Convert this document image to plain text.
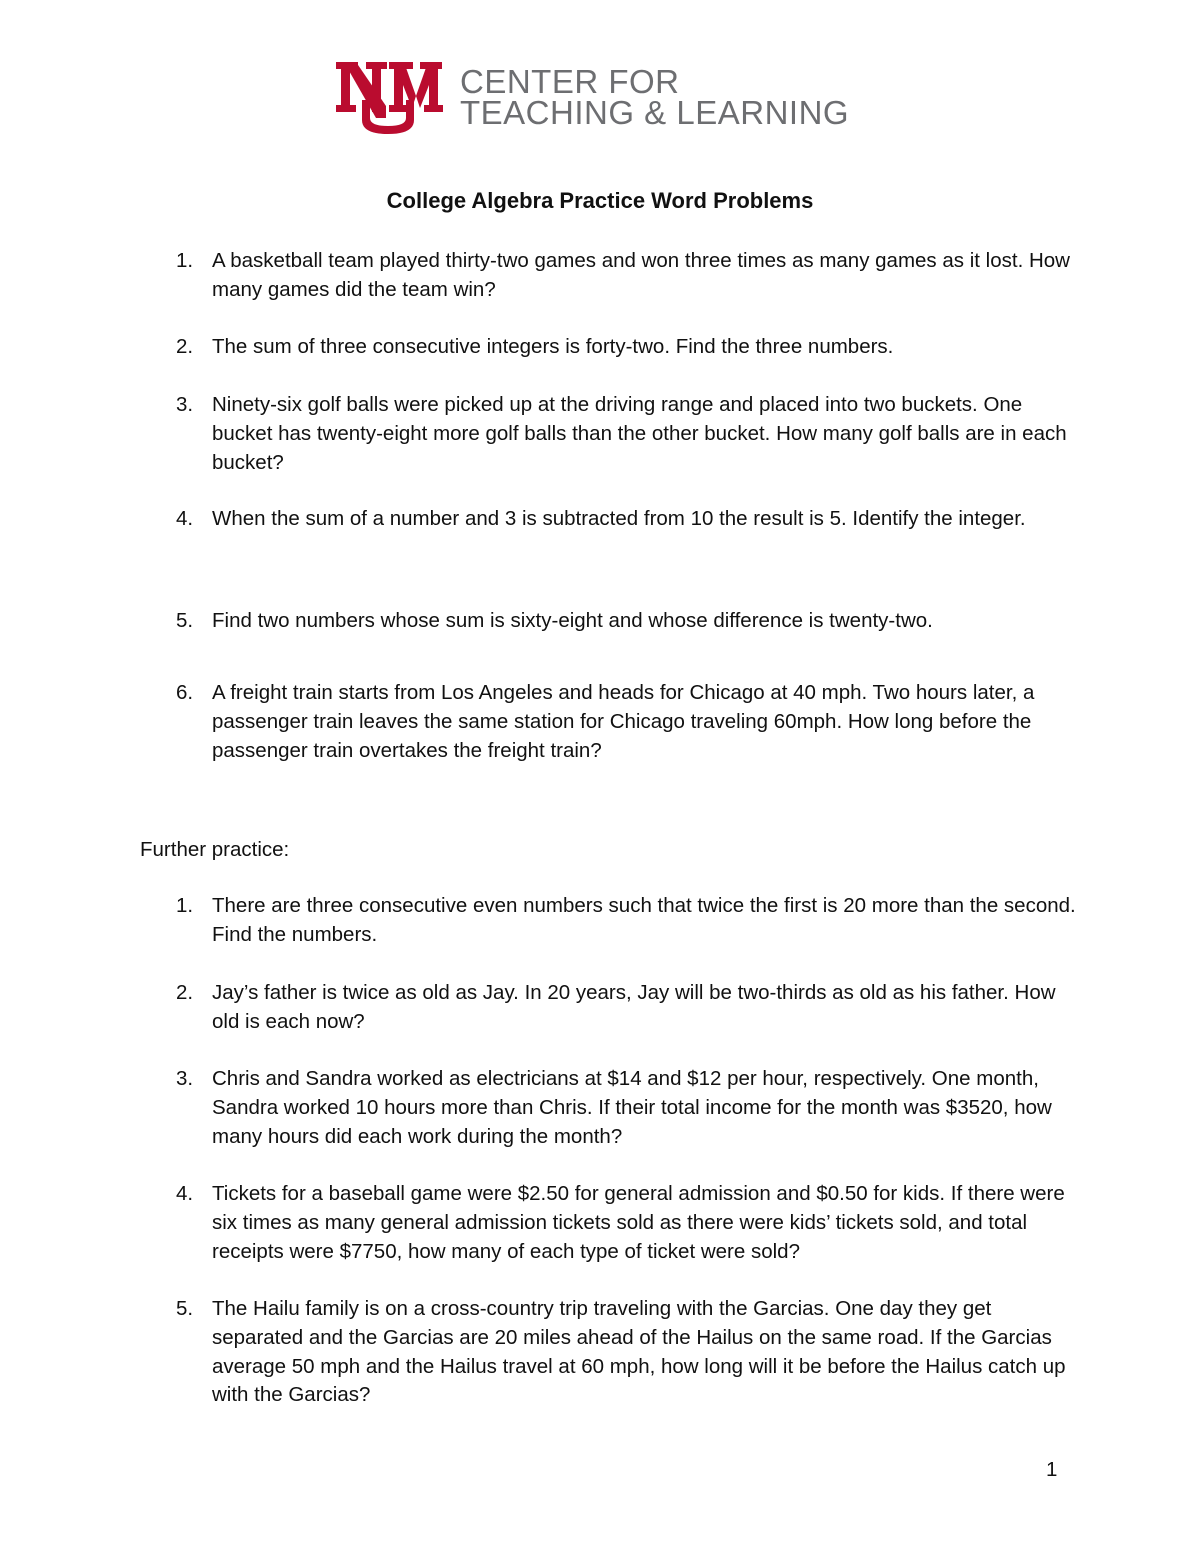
CENTER FOR
TEACHING & LEARNING
College Algebra Practice Word Problems
1. A basketball team played thirty-two games and won three times as many games as it lost. How many games did the team win?
2. The sum of three consecutive integers is forty-two. Find the three numbers.
3. Ninety-six golf balls were picked up at the driving range and placed into two buckets. One bucket has twenty-eight more golf balls than the other bucket. How many golf balls are in each bucket?
4. When the sum of a number and 3 is subtracted from 10 the result is 5. Identify the integer.
5. Find two numbers whose sum is sixty-eight and whose difference is twenty-two.
6. A freight train starts from Los Angeles and heads for Chicago at 40 mph. Two hours later, a passenger train leaves the same station for Chicago traveling 60mph. How long before the passenger train overtakes the freight train?
Further practice:
1. There are three consecutive even numbers such that twice the first is 20 more than the second. Find the numbers.
2. Jay’s father is twice as old as Jay. In 20 years, Jay will be two-thirds as old as his father. How old is each now?
3. Chris and Sandra worked as electricians at $14 and $12 per hour, respectively. One month, Sandra worked 10 hours more than Chris. If their total income for the month was $3520, how many hours did each work during the month?
4. Tickets for a baseball game were $2.50 for general admission and $0.50 for kids. If there were six times as many general admission tickets sold as there were kids’ tickets sold, and total receipts were $7750, how many of each type of ticket were sold?
5. The Hailu family is on a cross-country trip traveling with the Garcias. One day they get separated and the Garcias are 20 miles ahead of the Hailus on the same road. If the Garcias average 50 mph and the Hailus travel at 60 mph, how long will it be before the Hailus catch up with the Garcias?
1
